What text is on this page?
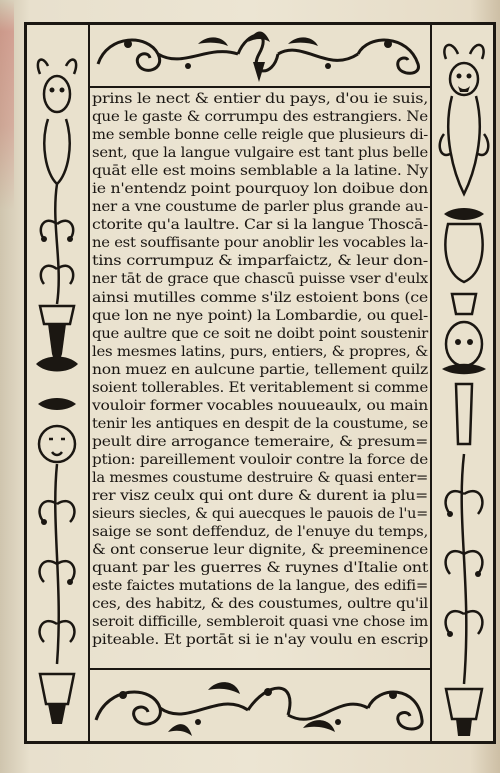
prins le nect & entier du pays, d'ou ie suis,
que le gaste & corrumpu des estrangiers. Ne
me semble bonne celle reigle que plusieurs di-
sent, que la langue vulgaire est tant plus belle
quāt elle est moins semblable a la latine. Ny
ie n'entendz point pourquoy lon doibue don
ner a vne coustume de parler plus grande au-
ctorite qu'a laultre. Car si la langue Thoscā-
ne est souffisante pour anoblir les vocables la-
tins corrumpuz & imparfaictz, & leur don-
ner tāt de grace que chascū puisse vser d'eulx
ainsi mutilles comme s'ilz estoient bons (ce
que lon ne nye point) la Lombardie, ou quel-
que aultre que ce soit ne doibt point soustenir
les mesmes latins, purs, entiers, & propres, &
non muez en aulcune partie, tellement quilz
soient tollerables. Et veritablement si comme
vouloir former vocables nouueaulx, ou main
tenir les antiques en despit de la coustume, se
peult dire arrogance temeraire, & presum=
ption: pareillement vouloir contre la force de
la mesmes coustume destruire & quasi enter=
rer visz ceulx qui ont dure & durent ia plu=
sieurs siecles, & qui auecques le pauois de l'u=
saige se sont deffenduz, de l'enuye du temps,
& ont conserue leur dignite, & preeminence
quant par les guerres & ruynes d'Italie ont
este faictes mutations de la langue, des edifi=
ces, des habitz, & des coustumes, oultre qu'il
seroit difficille, sembleroit quasi vne chose im
piteable. Et portāt si ie n'ay voulu en escrip
